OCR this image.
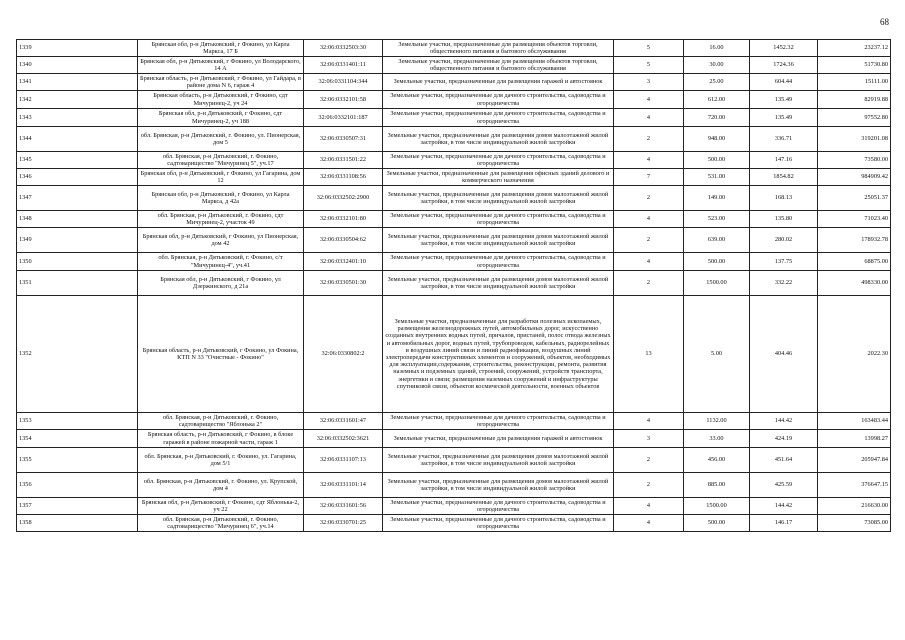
68
1339	Брянская обл, р-н Дятьковский, г Фокино, ул Карла Маркса, 17 Б	32:06:0332503:30	Земельные участки, предназначенные для размещения объектов торговли, общественного питания и бытового обслуживания	5	16.00	1452.32	23237.12
1340	Брянская обл, р-н Дятьковский, г Фокино, ул Володарского, 14 А	32:06:0331401:11	Земельные участки, предназначенные для размещения объектов торговли, общественного питания и бытового обслуживания	5	30.00	1724.36	51730.80
1341	Брянская область, р-н Дятьковский, г Фокино, ул Гайдара, в районе дома N 6, гараж 4	32:06:0331104:344	Земельные участки, предназначенные для размещения гаражей и автостоянок	3	25.00	604.44	15111.00
1342	Брянская область, р-н Дятьковский, г Фокино, сдт Мичуринец-2, уч 24	32:06:0332101:58	Земельные участки, предназначенные для дачного строительства, садоводства и огородничества	4	612.00	135.49	82919.88
1343	Брянская обл, р-н Дятьковский, г Фокино, сдт Мичуринец-2, уч 188	32:06:0332101:187	Земельные участки, предназначенные для дачного строительства, садоводства и огородничества	4	720.00	135.49	97552.80
1344	обл. Брянская, р-н Дятьковский, г. Фокино, ул. Пионерская, дом 5	32:06:0330507:31	Земельные участки, предназначенные для размещения домов малоэтажной жилой застройки, в том числе индивидуальной жилой застройки	2	948.00	336.71	319201.08
1345	обл. Брянская, р-н Дятьковский, г. Фокино, садтоварищество "Мичуринец 5", уч.17	32:06:0331501:22	Земельные участки, предназначенные для дачного строительства, садоводства и огородничества	4	500.00	147.16	73580.00
1346	Брянская обл, р-н Дятьковский, г Фокино, ул Гагарина, дом 12	32:06:0331108:56	Земельные участки, предназначенные для размещения офисных зданий делового и коммерческого назначения	7	531.00	1854.82	984909.42
1347	Брянская обл, р-н Дятьковский, г Фокино, ул Карла Маркса, д 42а	32:06:0332502:2900	Земельные участки, предназначенные для размещения домов малоэтажной жилой застройки, в том числе индивидуальной жилой застройки	2	149.00	168.13	25051.37
1348	обл. Брянская, р-н Дятьковский, г. Фокино, сдт Мичуринец-2, участок 49	32:06:0332101:80	Земельные участки, предназначенные для дачного строительства, садоводства и огородничества	4	523.00	135.80	71023.40
1349	Брянская обл, р-н Дятьковский, г Фокино, ул Пионерская, дом 42	32:06:0330504:62	Земельные участки, предназначенные для размещения домов малоэтажной жилой застройки, в том числе индивидуальной жилой застройки	2	639.00	280.02	178932.78
1350	обл. Брянская, р-н Дятьковский, г. Фокино, с/т "Мичуринец-4", уч.41	32:06:0332401:10	Земельные участки, предназначенные для дачного строительства, садоводства и огородничества	4	500.00	137.75	68875.00
1351	Брянская обл, р-н Дятьковский, г Фокино, ул Дзержинского, д 21а	32:06:0330501:30	Земельные участки, предназначенные для размещения домов малоэтажной жилой застройки, в том числе индивидуальной жилой застройки	2	1500.00	332.22	498330.00
1352	Брянская область, р-н Дятьковский, г Фокино, ул Фокина, КТП N 33 "Очистные - Фокино"	32:06:0330802:2	Земельные участки, предназначенные для разработки полезных ископаемых, размещения железнодорожных путей, автомобильных дорог, искусственно созданных внутренних водных путей, причалов, пристаней, полос отвода железных и автомобильных дорог, водных путей, трубопроводов, кабельных, радиорелейных и воздушных линий связи и линий радиофикации, воздушных линий электропередачи конструктивных элементов и сооружений, объектов, необходимых для эксплуатации,содержания, строительства, реконструкции, ремонта, развития наземных и подземных зданий, строений, сооружений, устройств транспорта, энергетики и связи; размещения наземных сооружений и инфраструктуры спутниковой связи, объектов космической деятельности, военных объектов	13	5.00	404.46	2022.30
1353	обл. Брянская, р-н Дятьковский, г. Фокино, садтоварищество "Яблонька 2"	32:06:0331601:47	Земельные участки, предназначенные для дачного строительства, садоводства и огородничества	4	1132.00	144.42	163483.44
1354	Брянская область, р-н Дятьковский, г Фокино, в блоке гаражей в районе пожарной части, гараж 1	32:06:0332502:3621	Земельные участки, предназначенные для размещения гаражей и автостоянок	3	33.00	424.19	13998.27
1355	обл. Брянская, р-н Дятьковский, г. Фокино, ул. Гагарина, дом 5/1	32:06:0331107:13	Земельные участки, предназначенные для размещения домов малоэтажной жилой застройки, в том числе индивидуальной жилой застройки	2	456.00	451.64	205947.84
1356	обл. Брянская, р-н Дятьковский, г. Фокино, ул. Крупской, дом 4	32:06:0331101:14	Земельные участки, предназначенные для размещения домов малоэтажной жилой застройки, в том числе индивидуальной жилой застройки	2	885.00	425.59	376647.15
1357	Брянская обл, р-н Дятьковский, г Фокино, сдт Яблонька-2, уч 22	32:06:0331601:56	Земельные участки, предназначенные для дачного строительства, садоводства и огородничества	4	1500.00	144.42	216630.00
1358	обл. Брянская, р-н Дятьковский, г. Фокино, садтоварищество "Мичуринец 6", уч.14	32:06:0330701:25	Земельные участки, предназначенные для дачного строительства, садоводства и огородничества	4	500.00	146.17	73085.00
